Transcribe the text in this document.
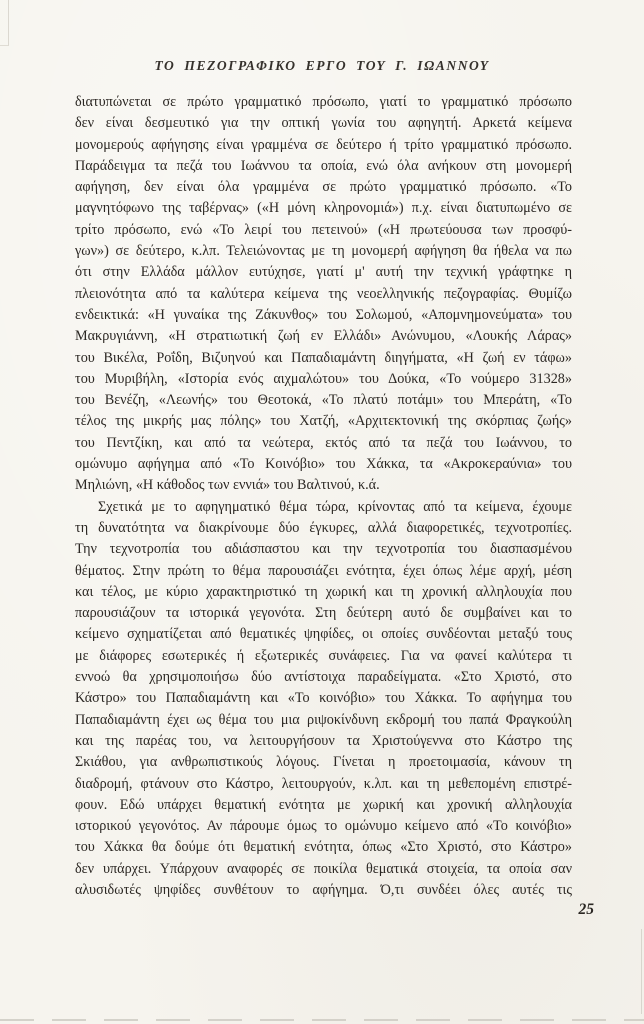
ΤΟ ΠΕΖΟΓΡΑΦΙΚΟ ΕΡΓΟ ΤΟΥ Γ. ΙΩΑΝΝΟΥ
διατυπώνεται σε πρώτο γραμματικό πρόσωπο, γιατί το γραμματικό πρόσωπο
δεν είναι δεσμευτικό για την οπτική γωνία του αφηγητή. Αρκετά κείμενα
μονομερούς αφήγησης είναι γραμμένα σε δεύτερο ή τρίτο γραμματικό πρόσωπο.
Παράδειγμα τα πεζά του Ιωάννου τα οποία, ενώ όλα ανήκουν στη μονομερή
αφήγηση, δεν είναι όλα γραμμένα σε πρώτο γραμματικό πρόσωπο. «Το
μαγνητόφωνο της ταβέρνας» («Η μόνη κληρονομιά») π.χ. είναι διατυπωμένο σε
τρίτο πρόσωπο, ενώ «Το λειρί του πετεινού» («Η πρωτεύουσα των προσφύ-
γων») σε δεύτερο, κ.λπ. Τελειώνοντας με τη μονομερή αφήγηση θα ήθελα να πω
ότι στην Ελλάδα μάλλον ευτύχησε, γιατί μ' αυτή την τεχνική γράφτηκε η
πλειονότητα από τα καλύτερα κείμενα της νεοελληνικής πεζογραφίας. Θυμίζω
ενδεικτικά: «Η γυναίκα της Ζάκυνθος» του Σολωμού, «Απομνημονεύματα» του
Μακρυγιάννη, «Η στρατιωτική ζωή εν Ελλάδι» Ανώνυμου, «Λουκής Λάρας»
του Βικέλα, Ροΐδη, Βιζυηνού και Παπαδιαμάντη διηγήματα, «Η ζωή εν τάφω»
του Μυριβήλη, «Ιστορία ενός αιχμαλώτου» του Δούκα, «Το νούμερο 31328»
του Βενέζη, «Λεωνής» του Θεοτοκά, «Το πλατύ ποτάμι» του Μπεράτη, «Το
τέλος της μικρής μας πόλης» του Χατζή, «Αρχιτεκτονική της σκόρπιας ζωής»
του Πεντζίκη, και από τα νεώτερα, εκτός από τα πεζά του Ιωάννου, το
ομώνυμο αφήγημα από «Το Κοινόβιο» του Χάκκα, τα «Ακροκεραύνια» του
Μηλιώνη, «Η κάθοδος των εννιά» του Βαλτινού, κ.ά.
Σχετικά με το αφηγηματικό θέμα τώρα, κρίνοντας από τα κείμενα, έχουμε
τη δυνατότητα να διακρίνουμε δύο έγκυρες, αλλά διαφορετικές, τεχνοτροπίες.
Την τεχνοτροπία του αδιάσπαστου και την τεχνοτροπία του διασπασμένου
θέματος. Στην πρώτη το θέμα παρουσιάζει ενότητα, έχει όπως λέμε αρχή, μέση
και τέλος, με κύριο χαρακτηριστικό τη χωρική και τη χρονική αλληλουχία που
παρουσιάζουν τα ιστορικά γεγονότα. Στη δεύτερη αυτό δε συμβαίνει και το
κείμενο σχηματίζεται από θεματικές ψηφίδες, οι οποίες συνδέονται μεταξύ τους
με διάφορες εσωτερικές ή εξωτερικές συνάφειες. Για να φανεί καλύτερα τι
εννοώ θα χρησιμοποιήσω δύο αντίστοιχα παραδείγματα. «Στο Χριστό, στο
Κάστρο» του Παπαδιαμάντη και «Το κοινόβιο» του Χάκκα. Το αφήγημα του
Παπαδιαμάντη έχει ως θέμα του μια ριψοκίνδυνη εκδρομή του παπά Φραγκούλη
και της παρέας του, να λειτουργήσουν τα Χριστούγεννα στο Κάστρο της
Σκιάθου, για ανθρωπιστικούς λόγους. Γίνεται η προετοιμασία, κάνουν τη
διαδρομή, φτάνουν στο Κάστρο, λειτουργούν, κ.λπ. και τη μεθεπομένη επιστρέ-
φουν. Εδώ υπάρχει θεματική ενότητα με χωρική και χρονική αλληλουχία
ιστορικού γεγονότος. Αν πάρουμε όμως το ομώνυμο κείμενο από «Το κοινόβιο»
του Χάκκα θα δούμε ότι θεματική ενότητα, όπως «Στο Χριστό, στο Κάστρο»
δεν υπάρχει. Υπάρχουν αναφορές σε ποικίλα θεματικά στοιχεία, τα οποία σαν
αλυσιδωτές ψηφίδες συνθέτουν το αφήγημα. Ό,τι συνδέει όλες αυτές τις
25
